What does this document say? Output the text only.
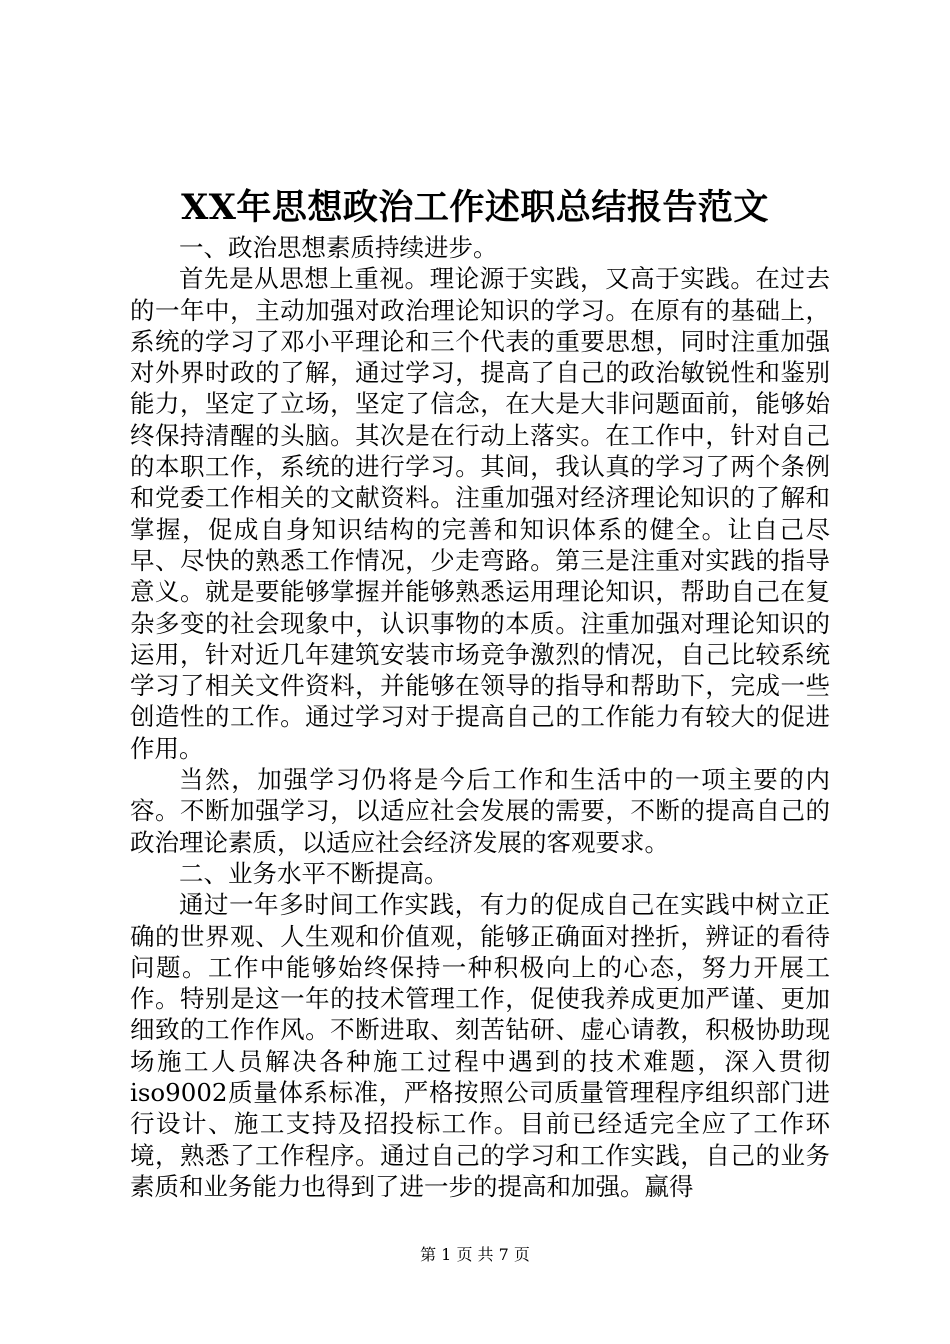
XX年思想政治工作述职总结报告范文

一、政治思想素质持续进步。

首先是从思想上重视。理论源于实践，又高于实践。在过去的一年中，主动加强对政治理论知识的学习。在原有的基础上，系统的学习了邓小平理论和三个代表的重要思想，同时注重加强对外界时政的了解，通过学习，提高了自己的政治敏锐性和鉴别能力，坚定了立场，坚定了信念，在大是大非问题面前，能够始终保持清醒的头脑。其次是在行动上落实。在工作中，针对自己的本职工作，系统的进行学习。其间，我认真的学习了两个条例和党委工作相关的文献资料。注重加强对经济理论知识的了解和掌握，促成自身知识结构的完善和知识体系的健全。让自己尽早、尽快的熟悉工作情况，少走弯路。第三是注重对实践的指导意义。就是要能够掌握并能够熟悉运用理论知识，帮助自己在复杂多变的社会现象中，认识事物的本质。注重加强对理论知识的运用，针对近几年建筑安装市场竞争激烈的情况，自己比较系统学习了相关文件资料，并能够在领导的指导和帮助下，完成一些创造性的工作。通过学习对于提高自己的工作能力有较大的促进作用。

当然，加强学习仍将是今后工作和生活中的一项主要的内容。不断加强学习，以适应社会发展的需要，不断的提高自己的政治理论素质，以适应社会经济发展的客观要求。

二、业务水平不断提高。

通过一年多时间工作实践，有力的促成自己在实践中树立正确的世界观、人生观和价值观，能够正确面对挫折，辨证的看待问题。工作中能够始终保持一种积极向上的心态，努力开展工作。特别是这一年的技术管理工作，促使我养成更加严谨、更加细致的工作作风。不断进取、刻苦钻研、虚心请教，积极协助现场施工人员解决各种施工过程中遇到的技术难题，深入贯彻iso9002质量体系标准，严格按照公司质量管理程序组织部门进行设计、施工支持及招投标工作。目前已经适完全应了工作环境，熟悉了工作程序。通过自己的学习和工作实践，自己的业务素质和业务能力也得到了进一步的提高和加强。赢得

第 1 页 共 7 页
